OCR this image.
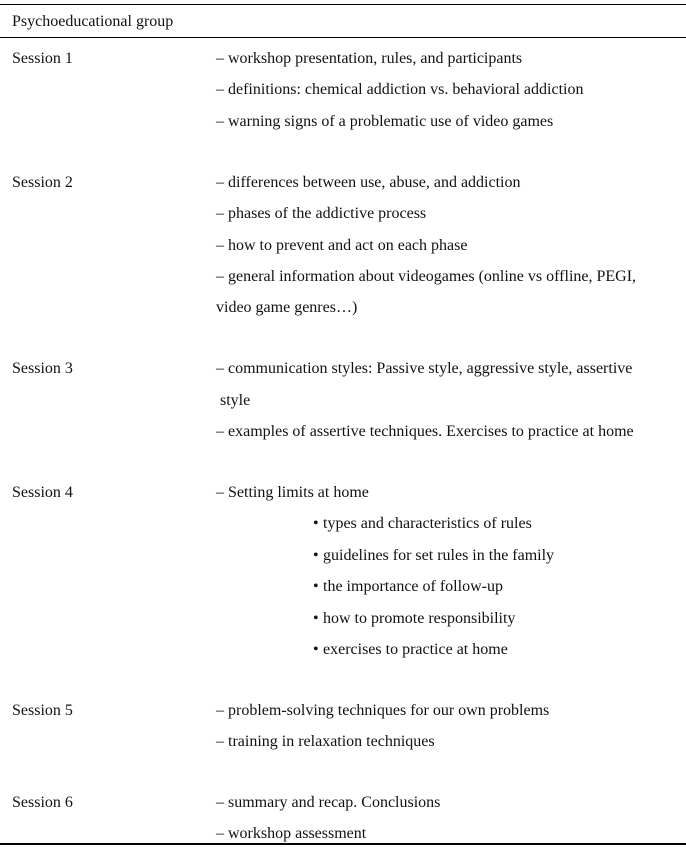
Psychoeducational group
Session 1	– workshop presentation, rules, and participants
– definitions: chemical addiction vs. behavioral addiction
– warning signs of a problematic use of video games
Session 2	– differences between use, abuse, and addiction
– phases of the addictive process
– how to prevent and act on each phase
– general information about videogames (online vs offline, PEGI,
video game genres…)
Session 3	– communication styles: Passive style, aggressive style, assertive
style
– examples of assertive techniques. Exercises to practice at home
Session 4	– Setting limits at home
• types and characteristics of rules
• guidelines for set rules in the family
• the importance of follow-up
• how to promote responsibility
• exercises to practice at home
Session 5	– problem-solving techniques for our own problems
– training in relaxation techniques
Session 6	– summary and recap. Conclusions
– workshop assessment
